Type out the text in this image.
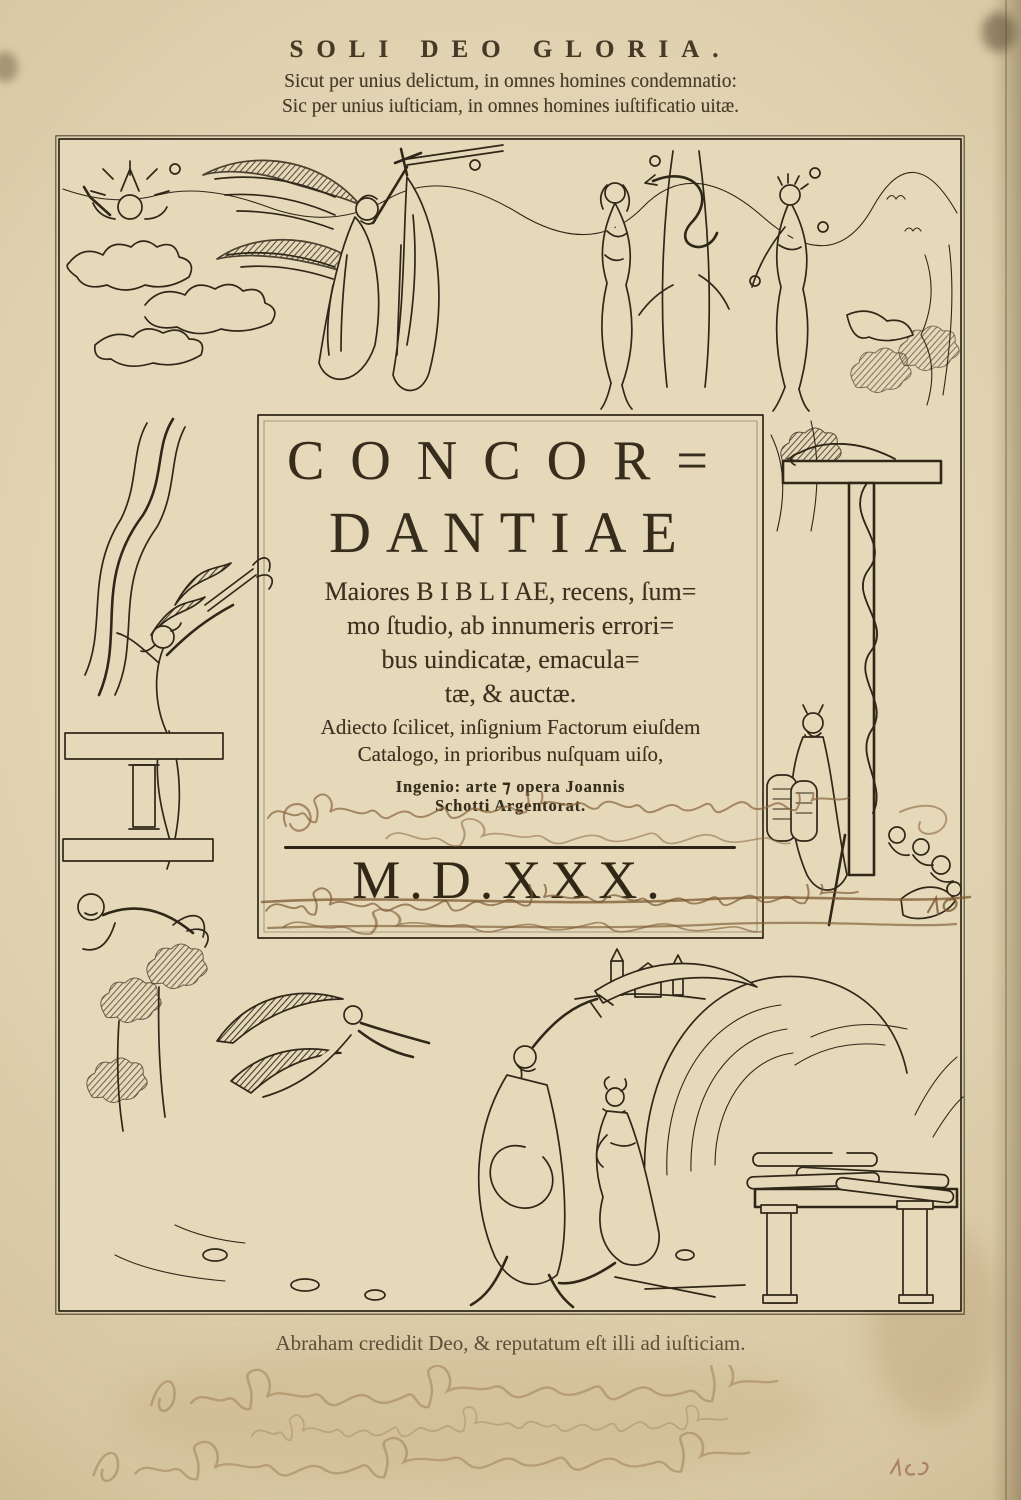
SOLI DEO GLORIA.
Sicut per unius delictum, in omnes homines condemnatio:
Sic per unius iuſticiam, in omnes homines iuſtificatio uitæ.
CONCOR=
DANTIAE
Maiores B I B L I AE, recens, ſum=
mo ſtudio, ab innumeris errori=
bus uindicatæ, emacula=
tæ, & auctæ.
Adiecto ſcilicet, inſignium Factorum eiuſdem
Catalogo, in prioribus nuſquam uiſo,
Ingenio: arte ⁊ opera Joannis
Schotti Argentorat.
M.D.XXX.
Abraham credidit Deo, & reputatum eſt illi ad iuſticiam.
